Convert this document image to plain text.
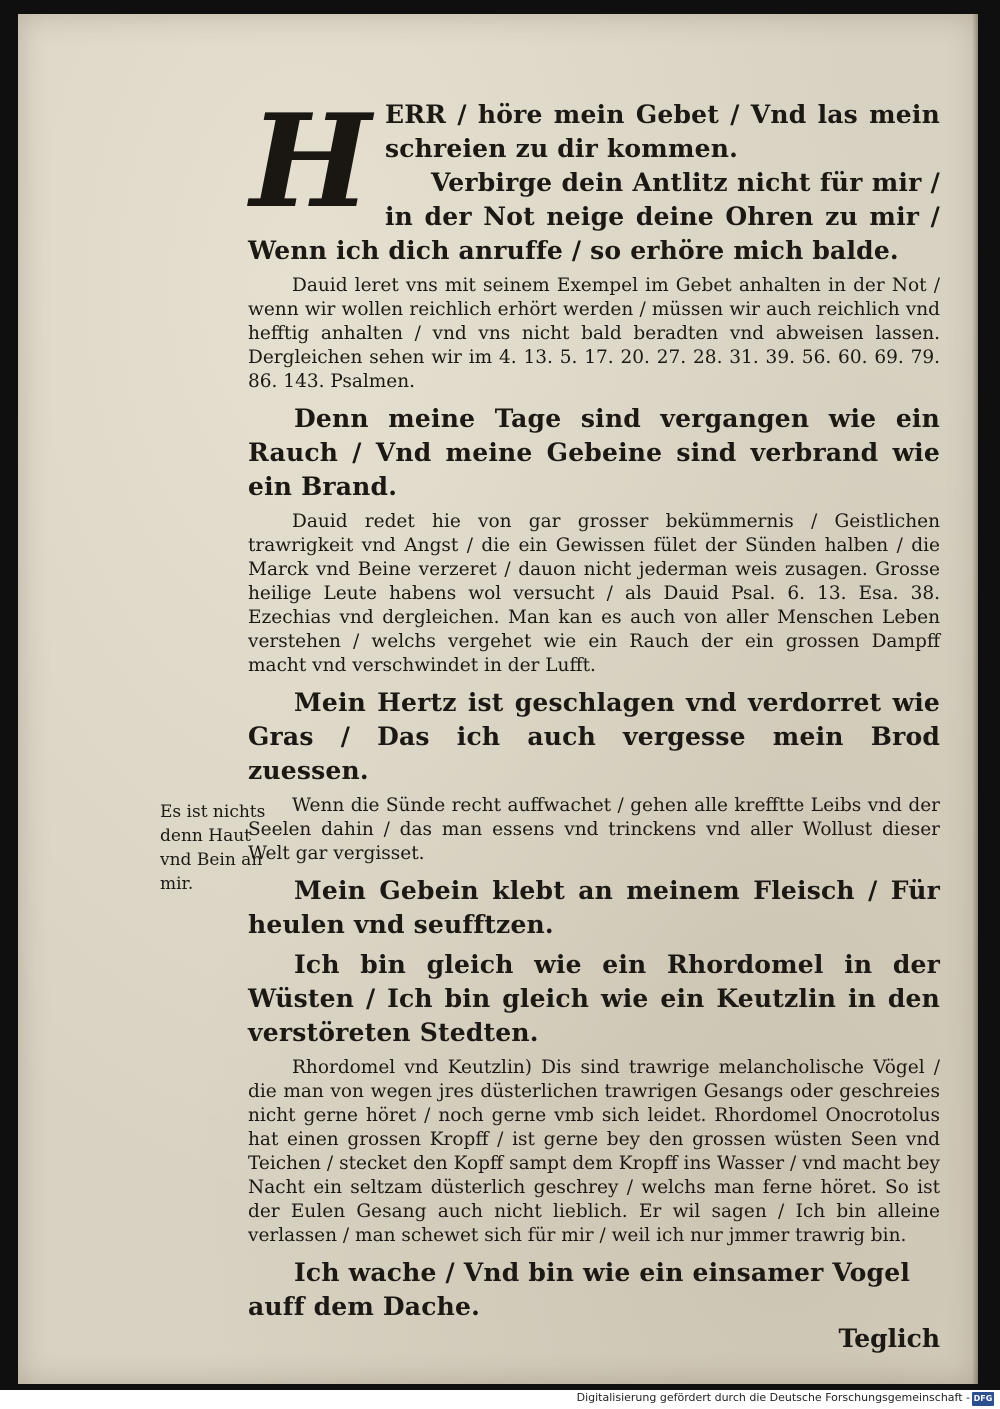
H ERR / höre mein Gebet / Vnd las mein schreien zu dir kommen.

Verbirge dein Antlitz nicht für mir / in der Not neige deine Ohren zu mir / Wenn ich dich anruffe / so erhöre mich balde.

Dauid leret vns mit seinem Exempel im Gebet anhalten in der Not / wenn wir wollen reichlich erhört werden / müssen wir auch reichlich vnd hefftig anhalten / vnd vns nicht bald beradten vnd abweisen lassen. Dergleichen sehen wir im 4. 13. 5. 17. 20. 27. 28. 31. 39. 56. 60. 69. 79. 86. 143. Psalmen.

Denn meine Tage sind vergangen wie ein Rauch / Vnd meine Gebeine sind verbrand wie ein Brand.

Dauid redet hie von gar grosser bekümmernis / Geistlichen trawrigkeit vnd Angst / die ein Gewissen fület der Sünden halben / die Marck vnd Beine verzeret / dauon nicht jederman weis zusagen. Grosse heilige Leute habens wol versucht / als Dauid Psal. 6. 13. Esa. 38. Ezechias vnd dergleichen. Man kan es auch von aller Menschen Leben verstehen / welchs vergehet wie ein Rauch der ein grossen Dampff macht vnd verschwindet in der Lufft.

Mein Hertz ist geschlagen vnd verdorret wie Gras / Das ich auch vergesse mein Brod zuessen.

Wenn die Sünde recht auffwachet / gehen alle krefftte Leibs vnd der Seelen dahin / das man essens vnd trinckens vnd aller Wollust dieser Welt gar vergisset.

Mein Gebein klebt an meinem Fleisch / Für heulen vnd seufftzen.

Ich bin gleich wie ein Rhordomel in der Wüsten / Ich bin gleich wie ein Keutzlin in den verstöreten Stedten.

Rhordomel vnd Keutzlin) Dis sind trawrige melancholische Vögel / die man von wegen jres düsterlichen trawrigen Gesangs oder geschreies nicht gerne höret / noch gerne vmb sich leidet. Rhordomel Onocrotolus hat einen grossen Kropff / ist gerne bey den grossen wüsten Seen vnd Teichen / stecket den Kopff sampt dem Kropff ins Wasser / vnd macht bey Nacht ein seltzam düsterlich geschrey / welchs man ferne höret. So ist der Eulen Gesang auch nicht lieblich. Er wil sagen / Ich bin alleine verlassen / man schewet sich für mir / weil ich nur jmmer trawrig bin.

Ich wache / Vnd bin wie ein einsamer Vogel auff dem Dache.

Teglich
Es ist nichts denn Haut vnd Bein an mir.
Digitalisierung gefördert durch die Deutsche Forschungsgemeinschaft - DFG
